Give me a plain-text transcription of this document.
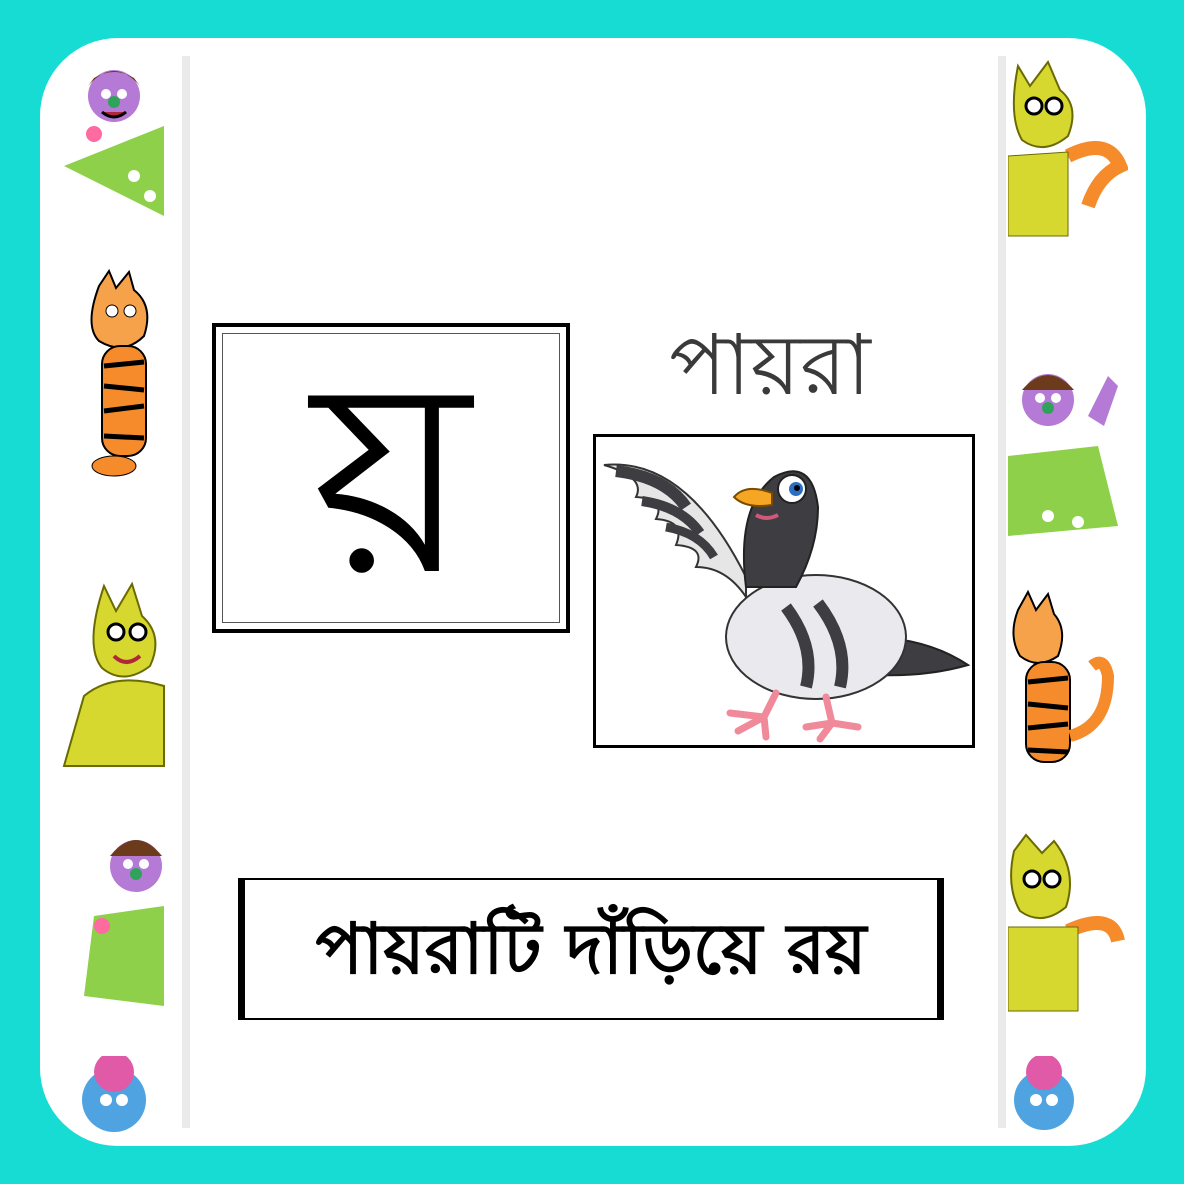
য়	পায়রা
পায়রাটি দাঁড়িয়ে রয়
